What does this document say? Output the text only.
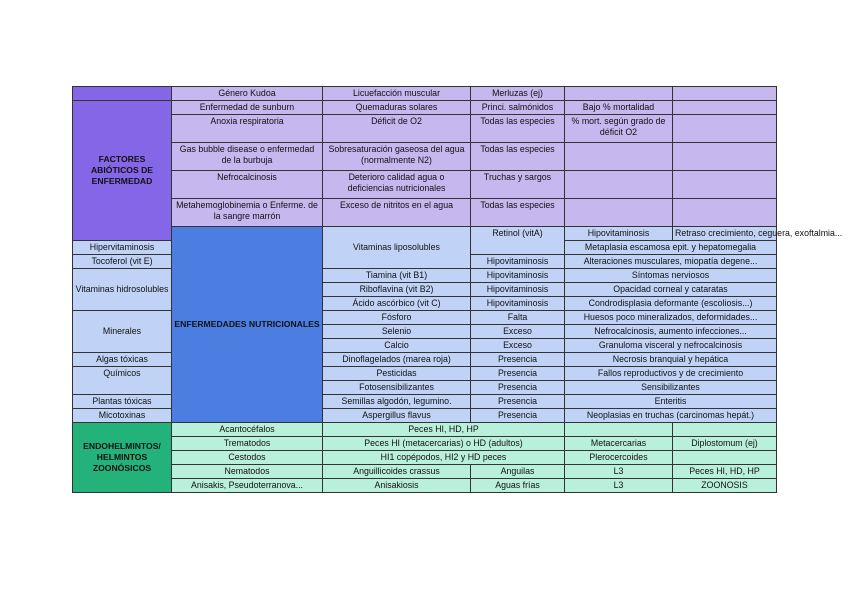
	Género Kudoa	Licuefacción muscular	Merluzas (ej)		
FACTORES ABIÓTICOS DE ENFERMEDAD	Enfermedad de sunburn	Quemaduras solares	Princi. salmónidos	Bajo % mortalidad	
	Anoxia respiratoria	Déficit de O2	Todas las especies	% mort. según grado de déficit O2	
	Gas bubble disease o enfermedad de la burbuja	Sobresaturación gaseosa del agua (normalmente N2)	Todas las especies		
	Nefrocalcinosis	Deterioro calidad agua o deficiencias nutricionales	Truchas y sargos		
	Metahemoglobinemia o Enferme. de la sangre marrón	Exceso de nitritos en el agua	Todas las especies		
	ENFERMEDADES NUTRICIONALES	Vitaminas liposolubles	Retinol (vitA)	Hipovitaminosis	Retraso crecimiento, ceguera, exoftalmia...
Hipervitaminosis				Metaplasia escamosa epit. y hepatomegalia	
Tocoferol (vit E)			Hipovitaminosis	Alteraciones musculares, miopatía degene...	
Vitaminas hidrosolubles		Tiamina (vit B1)	Hipovitaminosis	Síntomas nerviosos	
		Riboflavina (vit B2)	Hipovitaminosis	Opacidad corneal y cataratas	
		Ácido ascórbico (vit C)	Hipovitaminosis	Condrodisplasia deformante (escoliosis...)	
Minerales		Fósforo	Falta	Huesos poco mineralizados, deformidades...	
		Selenio	Exceso	Nefrocalcinosis, aumento infecciones...	
		Calcio	Exceso	Granuloma visceral y nefrocalcinosis	
Algas tóxicas		Dinoflagelados (marea roja)	Presencia	Necrosis branquial y hepática	
Químicos		Pesticidas	Presencia	Fallos reproductivos y de crecimiento	
		Fotosensibilizantes	Presencia	Sensibilizantes	
Plantas tóxicas		Semillas algodón, legumino.	Presencia	Enteritis	
Micotoxinas		Aspergillus flavus	Presencia	Neoplasias en truchas (carcinomas hepát.)	
ENDOHELMINTOS/ HELMINTOS ZOONÓSICOS	Acantocéfalos	Peces HI, HD, HP			
	Trematodos	Peces HI (metacercarias) o HD (adultos)		Metacercarias	Diplostomum (ej)
	Cestodos	HI1 copépodos, HI2 y HD peces		Plerocercoides	
	Nematodos	Anguillicoides crassus	Anguilas	L3	Peces HI, HD, HP
	Anisakis, Pseudoterranova...	Anisakiosis	Aguas frías	L3	ZOONOSIS
